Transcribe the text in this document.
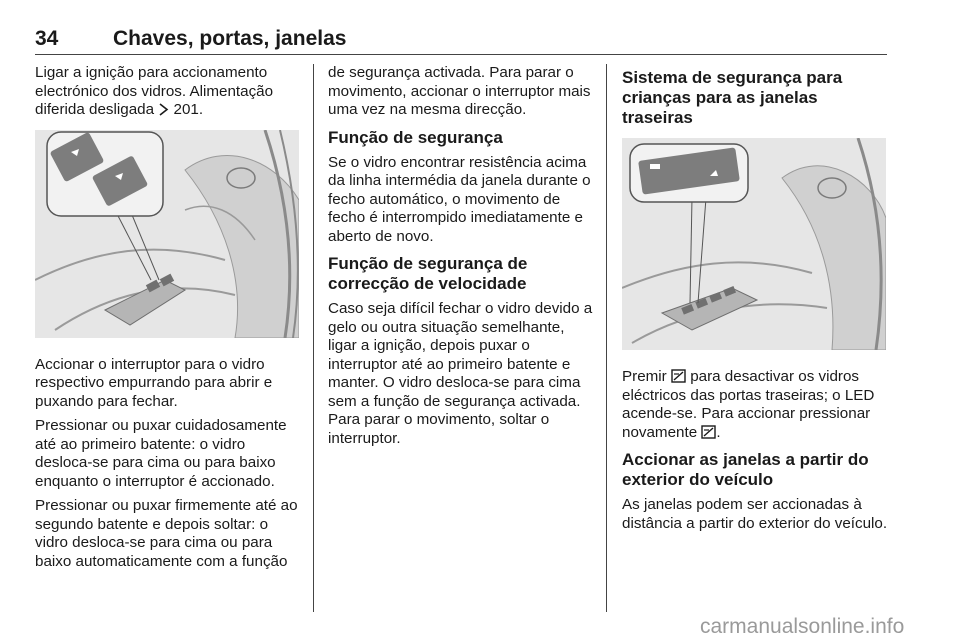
34	Chaves, portas, janelas

Ligar a ignição para accionamento electrónico dos vidros. Alimentação diferida desligada 201.

Accionar o interruptor para o vidro respectivo empurrando para abrir e puxando para fechar.

Pressionar ou puxar cuidadosamente até ao primeiro batente: o vidro desloca-se para cima ou para baixo enquanto o interruptor é accionado.

Pressionar ou puxar firmemente até ao segundo batente e depois soltar: o vidro desloca-se para cima ou para baixo automaticamente com a função

de segurança activada. Para parar o movimento, accionar o interruptor mais uma vez na mesma direcção.

Função de segurança

Se o vidro encontrar resistência acima da linha intermédia da janela durante o fecho automático, o movimento de fecho é interrompido imediatamente e aberto de novo.

Função de segurança de correcção de velocidade

Caso seja difícil fechar o vidro devido a gelo ou outra situação semelhante, ligar a ignição, depois puxar o interruptor até ao primeiro batente e manter. O vidro desloca-se para cima sem a função de segurança activada. Para parar o movimento, soltar o interruptor.

Sistema de segurança para crianças para as janelas traseiras

Premir para desactivar os vidros eléctricos das portas traseiras; o LED acende-se. Para accionar pressionar novamente .

Accionar as janelas a partir do exterior do veículo

As janelas podem ser accionadas à distância a partir do exterior do veículo.

carmanualsonline.info
